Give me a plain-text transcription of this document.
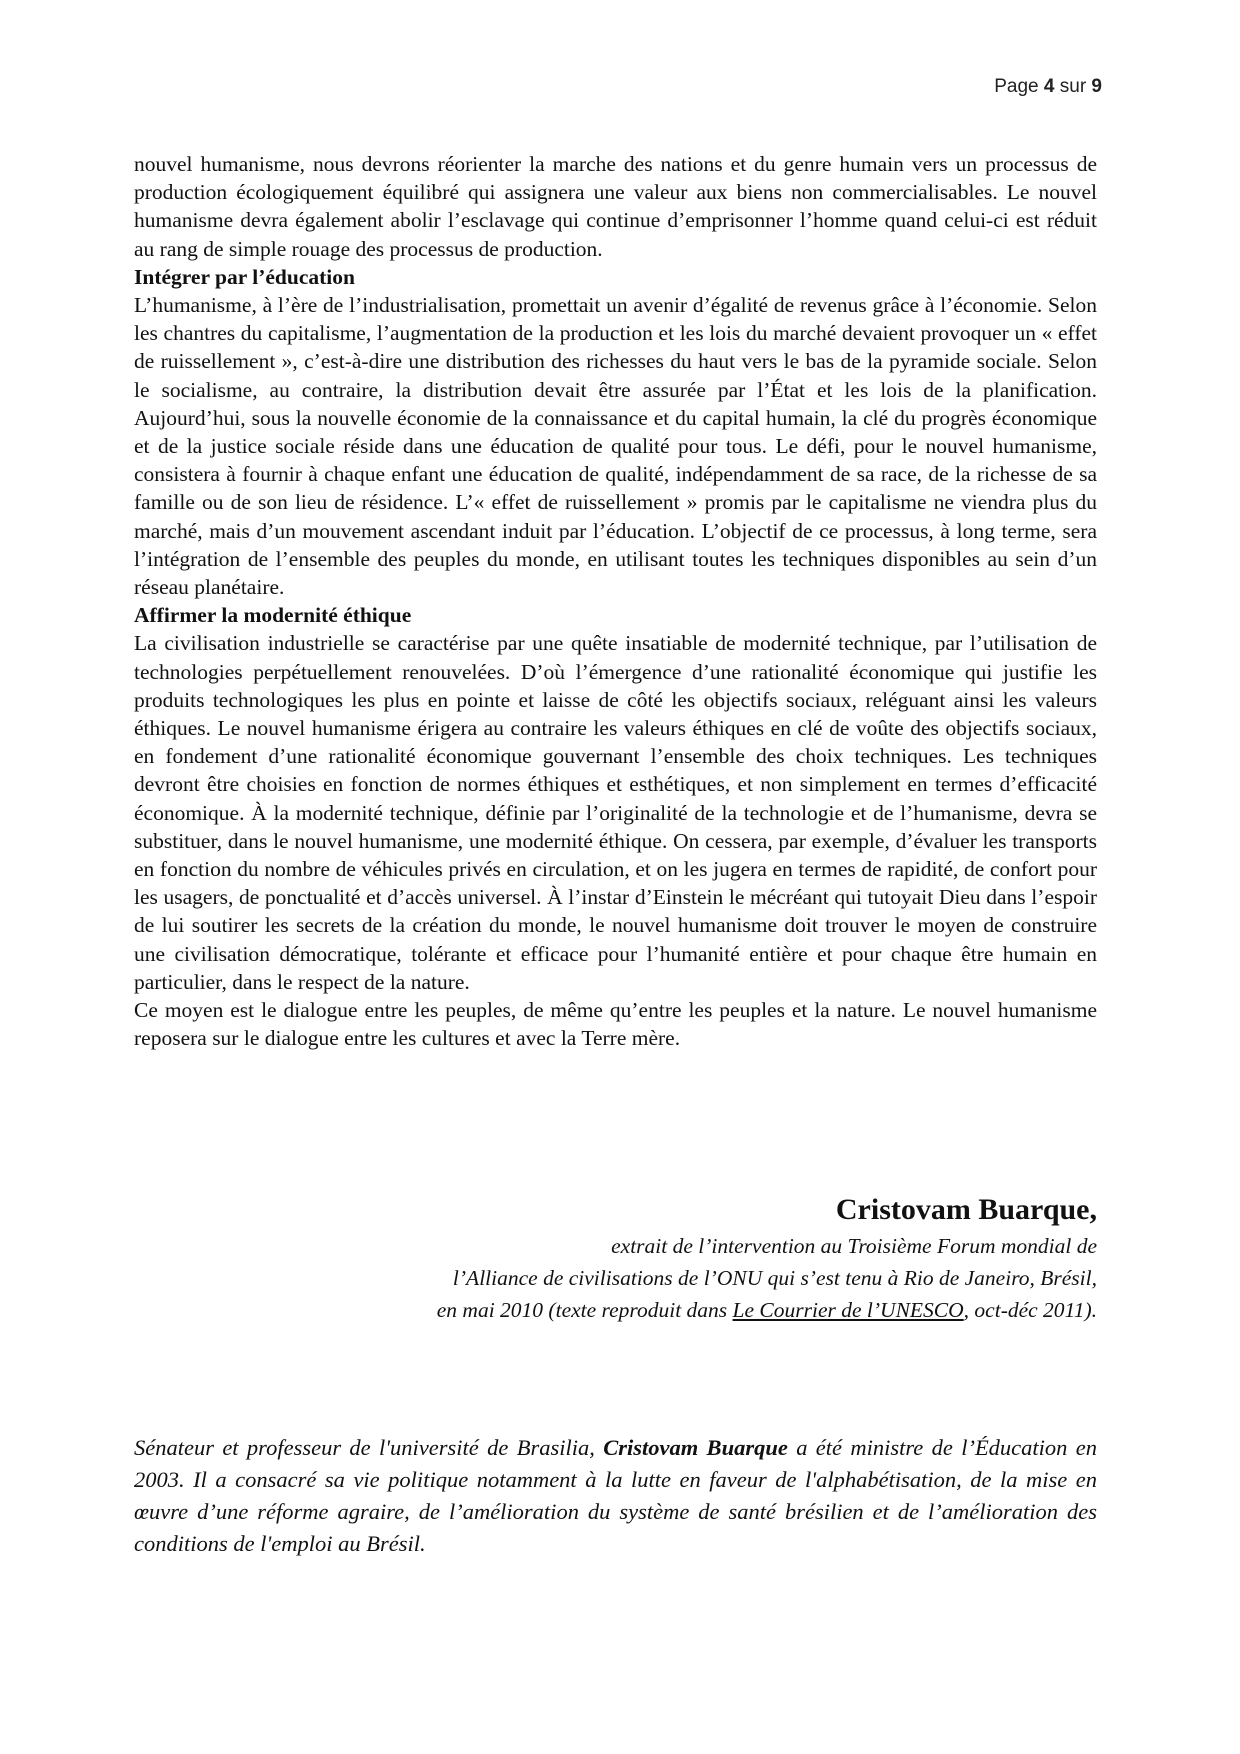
Page 4 sur 9

nouvel humanisme, nous devrons réorienter la marche des nations et du genre humain vers un processus de production écologiquement équilibré qui assignera une valeur aux biens non commercialisables. Le nouvel humanisme devra également abolir l’esclavage qui continue d’emprisonner l’homme quand celui-ci est réduit au rang de simple rouage des processus de production.

Intégrer par l’éducation

L’humanisme, à l’ère de l’industrialisation, promettait un avenir d’égalité de revenus grâce à l’économie. Selon les chantres du capitalisme, l’augmentation de la production et les lois du marché devaient provoquer un « effet de ruissellement », c’est-à-dire une distribution des richesses du haut vers le bas de la pyramide sociale. Selon le socialisme, au contraire, la distribution devait être assurée par l’État et les lois de la planification. Aujourd’hui, sous la nouvelle économie de la connaissance et du capital humain, la clé du progrès économique et de la justice sociale réside dans une éducation de qualité pour tous. Le défi, pour le nouvel humanisme, consistera à fournir à chaque enfant une éducation de qualité, indépendamment de sa race, de la richesse de sa famille ou de son lieu de résidence. L’« effet de ruissellement » promis par le capitalisme ne viendra plus du marché, mais d’un mouvement ascendant induit par l’éducation. L’objectif de ce processus, à long terme, sera l’intégration de l’ensemble des peuples du monde, en utilisant toutes les techniques disponibles au sein d’un réseau planétaire.

Affirmer la modernité éthique

La civilisation industrielle se caractérise par une quête insatiable de modernité technique, par l’utilisation de technologies perpétuellement renouvelées. D’où l’émergence d’une rationalité économique qui justifie les produits technologiques les plus en pointe et laisse de côté les objectifs sociaux, reléguant ainsi les valeurs éthiques. Le nouvel humanisme érigera au contraire les valeurs éthiques en clé de voûte des objectifs sociaux, en fondement d’une rationalité économique gouvernant l’ensemble des choix techniques. Les techniques devront être choisies en fonction de normes éthiques et esthétiques, et non simplement en termes d’efficacité économique. À la modernité technique, définie par l’originalité de la technologie et de l’humanisme, devra se substituer, dans le nouvel humanisme, une modernité éthique. On cessera, par exemple, d’évaluer les transports en fonction du nombre de véhicules privés en circulation, et on les jugera en termes de rapidité, de confort pour les usagers, de ponctualité et d’accès universel. À l’instar d’Einstein le mécréant qui tutoyait Dieu dans l’espoir de lui soutirer les secrets de la création du monde, le nouvel humanisme doit trouver le moyen de construire une civilisation démocratique, tolérante et efficace pour l’humanité entière et pour chaque être humain en particulier, dans le respect de la nature.

Ce moyen est le dialogue entre les peuples, de même qu’entre les peuples et la nature. Le nouvel humanisme reposera sur le dialogue entre les cultures et avec la Terre mère.

Cristovam Buarque,
extrait de l’intervention au Troisième Forum mondial de
l’Alliance de civilisations de l’ONU qui s’est tenu à Rio de Janeiro, Brésil,
en mai 2010 (texte reproduit dans Le Courrier de l’UNESCO, oct-déc 2011).
Sénateur et professeur de l'université de Brasilia, Cristovam Buarque a été ministre de l’Éducation en 2003. Il a consacré sa vie politique notamment à la lutte en faveur de l'alphabétisation, de la mise en œuvre d’une réforme agraire, de l’amélioration du système de santé brésilien et de l’amélioration des conditions de l'emploi au Brésil.
